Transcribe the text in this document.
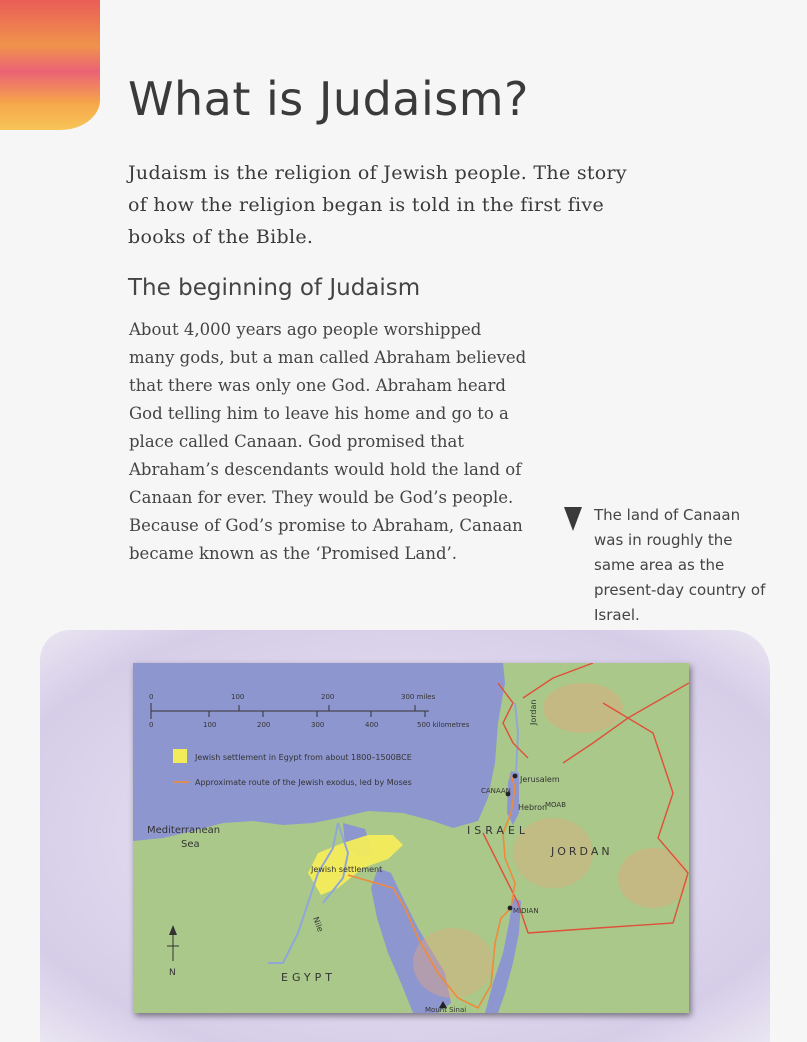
What is Judaism?

Judaism is the religion of Jewish people. The story of how the religion began is told in the first five books of the Bible.

The beginning of Judaism

About 4,000 years ago people worshipped many gods, but a man called Abraham believed that there was only one God. Abraham heard God telling him to leave his home and go to a place called Canaan. God promised that Abraham’s descendants would hold the land of Canaan for ever. They would be God’s people. Because of God’s promise to Abraham, Canaan became known as the ‘Promised Land’.

The land of Canaan was in roughly the same area as the present-day country of Israel.

0	100	200	300 miles
0	100	200	300	400	500 kilometres
Jewish settlement in Egypt from about 1800–1500BCE
Approximate route of the Jewish exodus, led by Moses
Mediterranean
Sea
Jewish settlement
Nile
EGYPT
N
CANAAN
Jerusalem
Hebron
MOAB
ISRAEL
JORDAN
Jordan
MIDIAN
Mount Sinai
